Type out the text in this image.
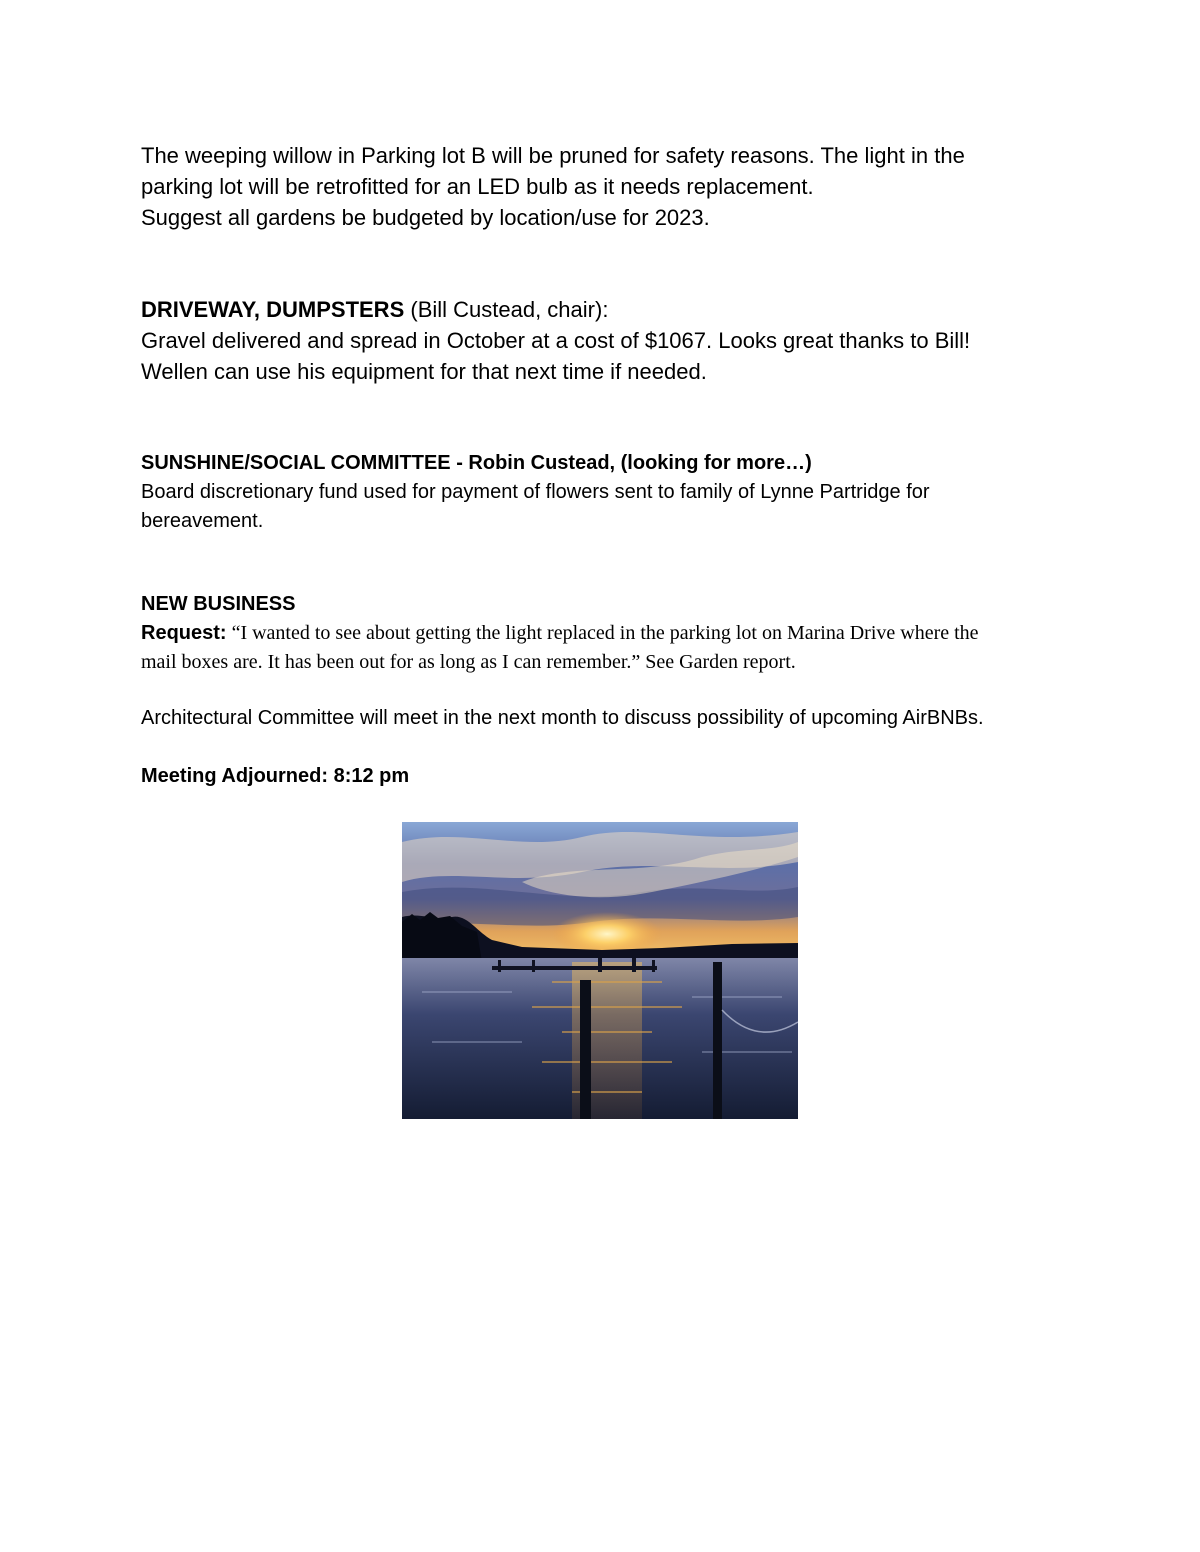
The weeping willow in Parking lot B will be pruned for safety reasons. The light in the
parking lot will be retrofitted for an LED bulb as it needs replacement.
Suggest all gardens be budgeted by location/use for 2023.
DRIVEWAY, DUMPSTERS (Bill Custead, chair):
Gravel delivered and spread in October at a cost of $1067. Looks great thanks to Bill!
Wellen can use his equipment for that next time if needed.
SUNSHINE/SOCIAL COMMITTEE - Robin Custead, (looking for more…)
Board discretionary fund used for payment of flowers sent to family of Lynne Partridge for
bereavement.
NEW BUSINESS
Request: “I wanted to see about getting the light replaced in the parking lot on Marina Drive where the
mail boxes are. It has been out for as long as I can remember.” See Garden report.
Architectural Committee will meet in the next month to discuss possibility of upcoming AirBNBs.
Meeting Adjourned: 8:12 pm
